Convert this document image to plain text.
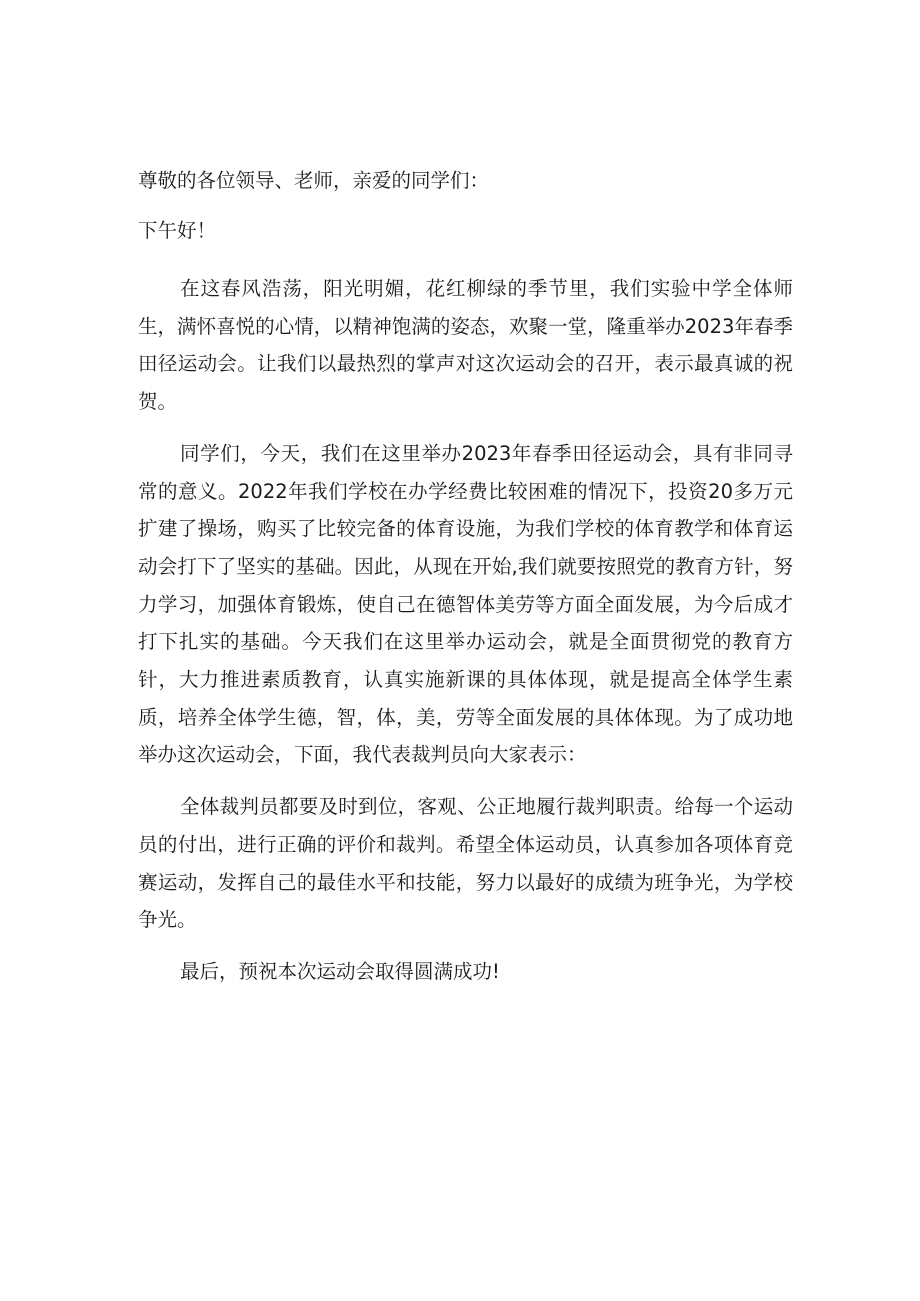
尊敬的各位领导、老师，亲爱的同学们：

下午好！

在这春风浩荡，阳光明媚，花红柳绿的季节里，我们实验中学全体师生，满怀喜悦的心情，以精神饱满的姿态，欢聚一堂，隆重举办2023年春季田径运动会。让我们以最热烈的掌声对这次运动会的召开，表示最真诚的祝贺。

同学们，今天，我们在这里举办2023年春季田径运动会，具有非同寻常的意义。2022年我们学校在办学经费比较困难的情况下，投资20多万元扩建了操场，购买了比较完备的体育设施，为我们学校的体育教学和体育运动会打下了坚实的基础。因此，从现在开始,我们就要按照党的教育方针，努力学习，加强体育锻炼，使自己在德智体美劳等方面全面发展，为今后成才打下扎实的基础。今天我们在这里举办运动会，就是全面贯彻党的教育方针，大力推进素质教育，认真实施新课的具体体现，就是提高全体学生素质，培养全体学生德，智，体，美，劳等全面发展的具体体现。为了成功地举办这次运动会，下面，我代表裁判员向大家表示：

全体裁判员都要及时到位，客观、公正地履行裁判职责。给每一个运动员的付出，进行正确的评价和裁判。希望全体运动员，认真参加各项体育竞赛运动，发挥自己的最佳水平和技能，努力以最好的成绩为班争光，为学校争光。

最后，预祝本次运动会取得圆满成功!
